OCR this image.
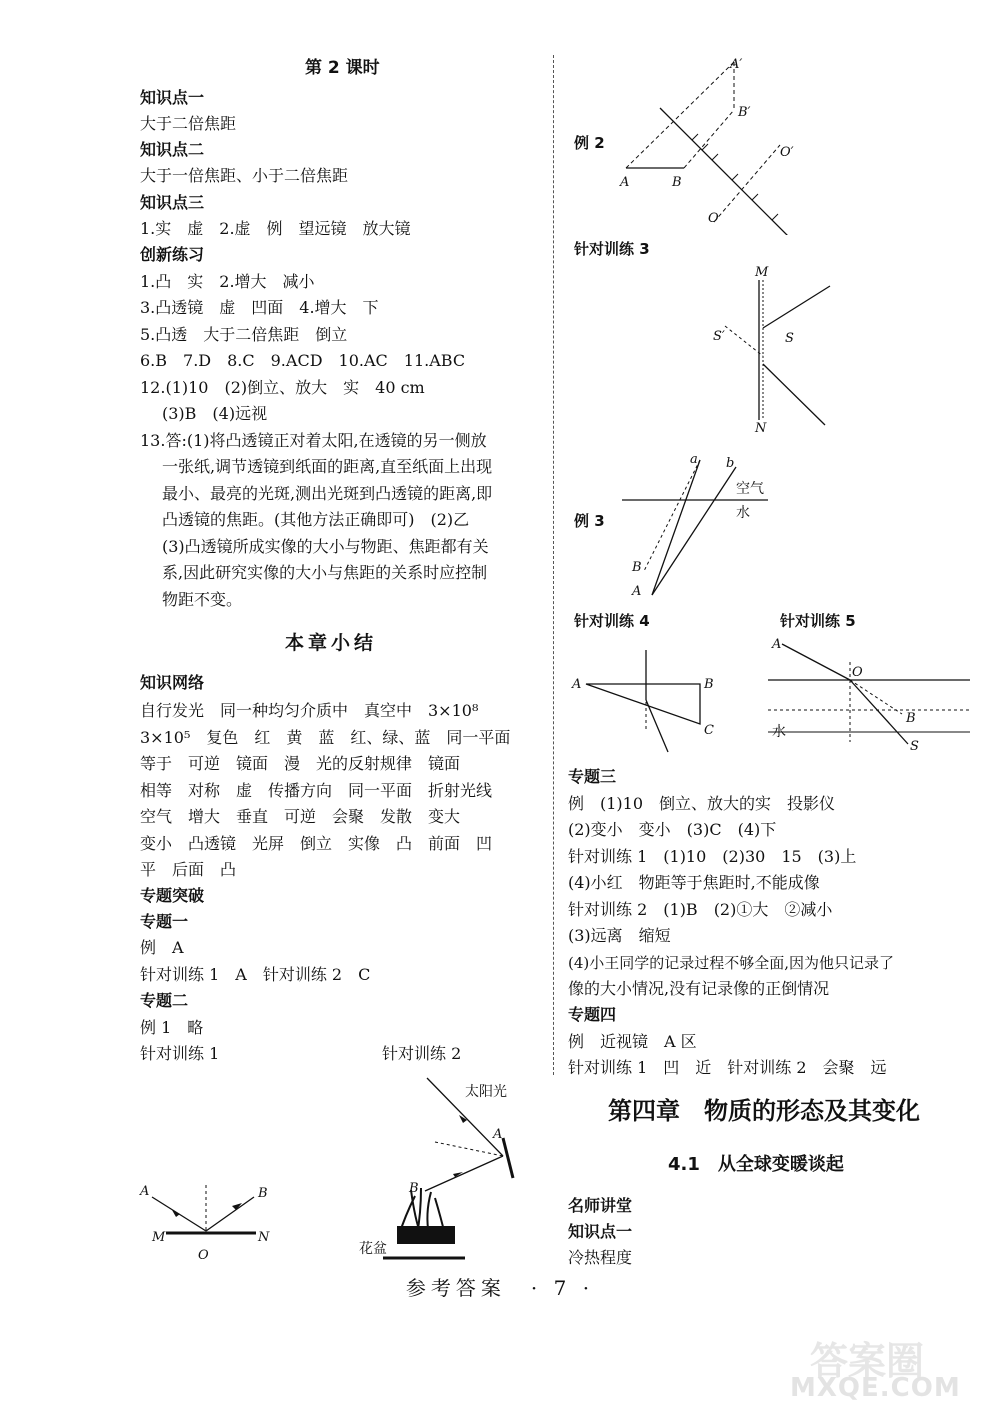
第 2 课时
知识点一
大于二倍焦距
知识点二
大于一倍焦距、小于二倍焦距
知识点三
1.实　虚　2.虚　例　望远镜　放大镜
创新练习
1.凸　实　2.增大　减小
3.凸透镜　虚　凹面　4.增大　下
5.凸透　大于二倍焦距　倒立
6.B　7.D　8.C　9.ACD　10.AC　11.ABC
12.(1)10　(2)倒立、放大　实　40 cm
(3)B　(4)远视
13.答:(1)将凸透镜正对着太阳,在透镜的另一侧放
一张纸,调节透镜到纸面的距离,直至纸面上出现
最小、最亮的光斑,测出光斑到凸透镜的距离,即
凸透镜的焦距。(其他方法正确即可)　(2)乙
(3)凸透镜所成实像的大小与物距、焦距都有关
系,因此研究实像的大小与焦距的关系时应控制
物距不变。
本章小结
知识网络
自行发光　同一种均匀介质中　真空中　3×10⁸
3×10⁵　复色　红　黄　蓝　红、绿、蓝　同一平面
等于　可逆　镜面　漫　光的反射规律　镜面
相等　对称　虚　传播方向　同一平面　折射光线
空气　增大　垂直　可逆　会聚　发散　变大
变小　凸透镜　光屏　倒立　实像　凸　前面　凹
平　后面　凸
专题突破
专题一
例　A
针对训练 1　A　针对训练 2　C
专题二
例 1　略
针对训练 1	针对训练 2
A	B
M
O
N
太阳光
A
B
花盆
例 2
A′
B′
O′
A	B
O
针对训练 3
M
S′	S
N
例 3
a b
空气
水
B
A
针对训练 4	针对训练 5
A	B
C
A
O
B
水
S
专题三
例　(1)10　倒立、放大的实　投影仪
(2)变小　变小　(3)C　(4)下
针对训练 1　(1)10　(2)30　15　(3)上
(4)小红　物距等于焦距时,不能成像
针对训练 2　(1)B　(2)①大　②减小
(3)远离　缩短
(4)小王同学的记录过程不够全面,因为他只记录了
像的大小情况,没有记录像的正倒情况
专题四
例　近视镜　A 区
针对训练 1　凹　近　针对训练 2　会聚　远
第四章　物质的形态及其变化
4.1　从全球变暖谈起
名师讲堂
知识点一
冷热程度
参考答案　· 7 ·
答案圈
MXQE.COM
